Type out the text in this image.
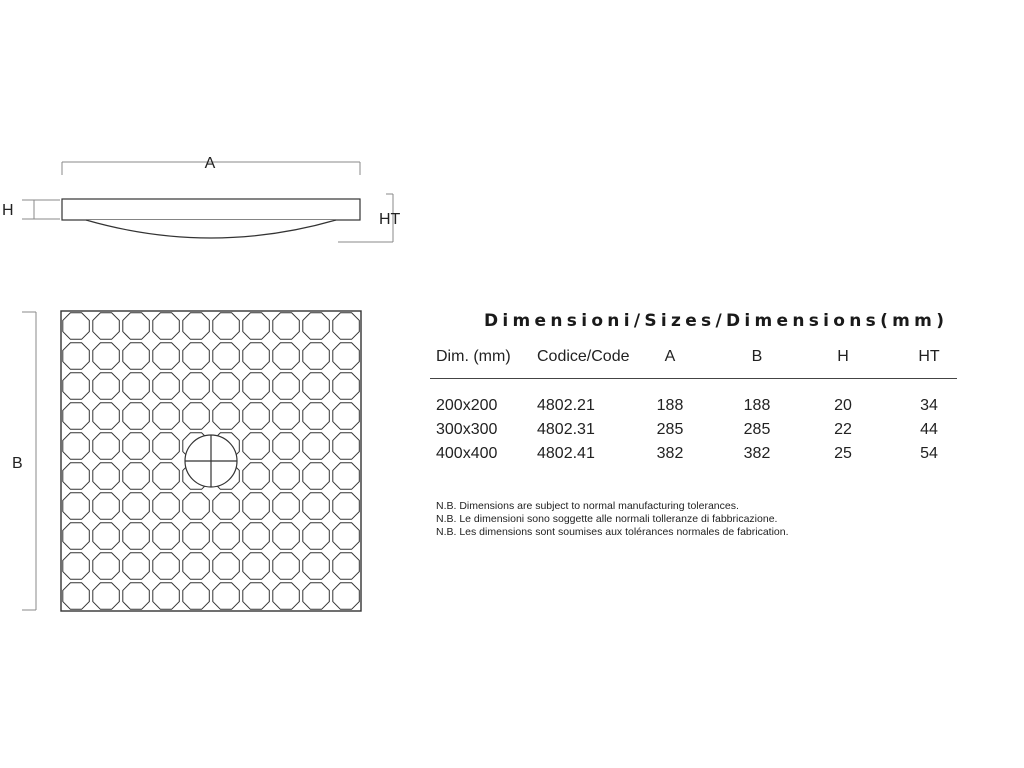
A
H
HT
B
Dimensioni/Sizes/Dimensions(mm)
Dim. (mm) Codice/Code	A	B	H	HT
200x200 4802.21	188	188	20	34
300x300 4802.31	285	285	22	44
400x400 4802.41	382	382	25	54
N.B. Dimensions are subject to normal manufacturing tolerances.
N.B. Le dimensioni sono soggette alle normali tolleranze di fabbricazione.
N.B. Les dimensions sont soumises aux tolérances normales de fabrication.
